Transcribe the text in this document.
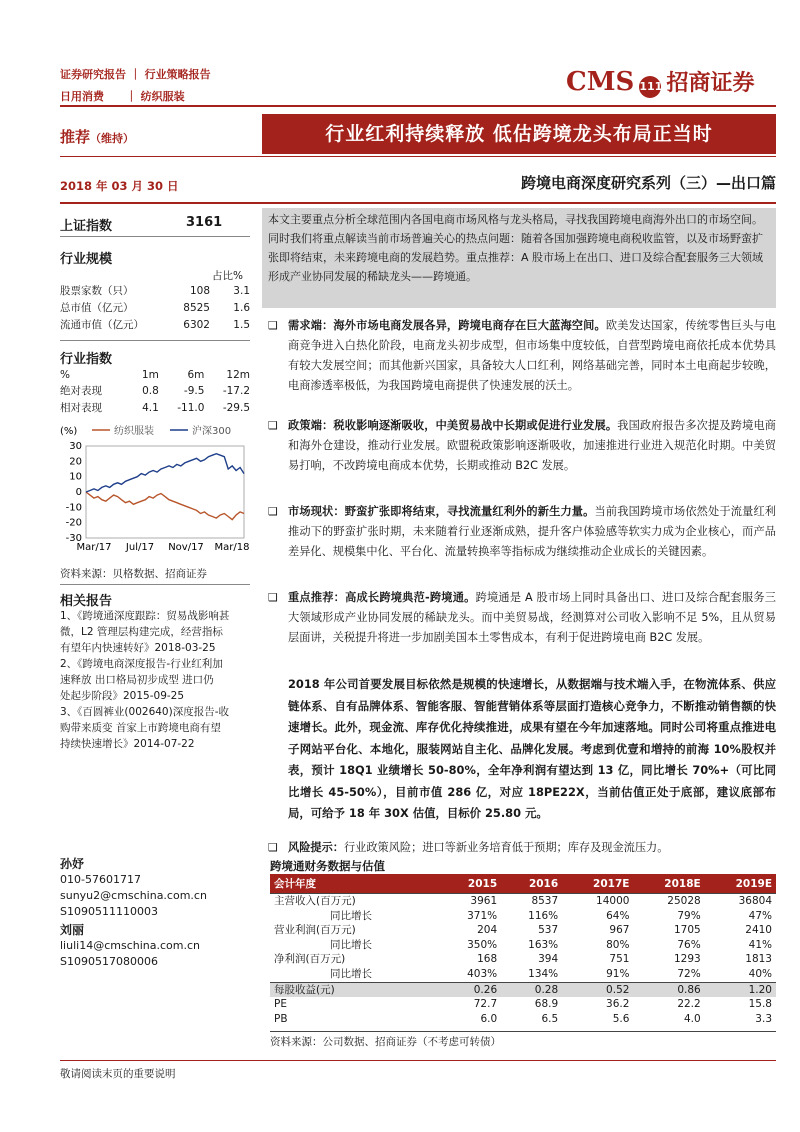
证券研究报告 ｜ 行业策略报告
日用消费 ｜ 纺织服装	CMS 111 招商证券
推荐（维持）	行业红利持续释放 低估跨境龙头布局正当时
2018 年 03 月 30 日	跨境电商深度研究系列（三）—出口篇
上证指数	3161
行业规模
占比%
股票家数（只）	108	3.1
总市值（亿元）	8525	1.6
流通市值（亿元）	6302	1.5
行业指数
%	1m	6m	12m
绝对表现	0.8	-9.5	-17.2
相对表现	4.1	-11.0	-29.5
(%)	纺织服装	沪深300
30
20
10
0
-10
-20
-30
Mar/17 Jul/17 Nov/17 Mar/18
资料来源：贝格数据、招商证券
相关报告
1、《跨境通深度跟踪：贸易战影响甚
微，L2 管理层构建完成，经营指标
有望年内快速转好》2018-03-25
2、《跨境电商深度报告-行业红利加
速释放 出口格局初步成型 进口仍
处起步阶段》2015-09-25
3、《百圆裤业(002640)深度报告-收
购带来质变 首家上市跨境电商有望
持续快速增长》2014-07-22
孙妤
010-57601717
sunyu2@cmschina.com.cn
S1090511110003
刘丽
liuli14@cmschina.com.cn
S1090517080006
本文主要重点分析全球范围内各国电商市场风格与龙头格局，寻找我国跨境电商海外出口的市场空间。同时我们将重点解读当前市场普遍关心的热点问题：随着各国加强跨境电商税收监管，以及市场野蛮扩张即将结束，未来跨境电商的发展趋势。重点推荐：A 股市场上在出口、进口及综合配套服务三大领域形成产业协同发展的稀缺龙头——跨境通。
❑ 需求端：海外市场电商发展各异，跨境电商存在巨大蓝海空间。欧美发达国家，传统零售巨头与电商竞争进入白热化阶段，电商龙头初步成型，但市场集中度较低，自营型跨境电商依托成本优势具有较大发展空间；而其他新兴国家，具备较大人口红利，网络基础完善，同时本土电商起步较晚，电商渗透率极低，为我国跨境电商提供了快速发展的沃土。
❑ 政策端：税收影响逐渐吸收，中美贸易战中长期或促进行业发展。我国政府报告多次提及跨境电商和海外仓建设，推动行业发展。欧盟税政策影响逐渐吸收，加速推进行业进入规范化时期。中美贸易打响，不改跨境电商成本优势，长期或推动 B2C 发展。
❑ 市场现状：野蛮扩张即将结束，寻找流量红利外的新生力量。当前我国跨境市场依然处于流量红利推动下的野蛮扩张时期，未来随着行业逐渐成熟，提升客户体验感等软实力成为企业核心，而产品差异化、规模集中化、平台化、流量转换率等指标成为继续推动企业成长的关键因素。
❑ 重点推荐：高成长跨境典范-跨境通。跨境通是 A 股市场上同时具备出口、进口及综合配套服务三大领域形成产业协同发展的稀缺龙头。而中美贸易战，经测算对公司收入影响不足 5%，且从贸易层面讲，关税提升将进一步加剧美国本土零售成本，有利于促进跨境电商 B2C 发展。
2018 年公司首要发展目标依然是规模的快速增长，从数据端与技术端入手，在物流体系、供应链体系、自有品牌体系、智能客服、智能营销体系等层面打造核心竞争力，不断推动销售额的快速增长。此外，现金流、库存优化持续推进，成果有望在今年加速落地。同时公司将重点推进电子网站平台化、本地化，服装网站自主化、品牌化发展。考虑到优壹和増持的前海 10%股权并表，预计 18Q1 业绩增长 50-80%，全年净利润有望达到 13 亿，同比增长 70%+（可比同比增长 45-50%），目前市值 286 亿，对应 18PE22X，当前估值正处于底部，建议底部布局，可给予 18 年 30X 估值，目标价 25.80 元。
❑ 风险提示：行业政策风险；进口等新业务培育低于预期；库存及现金流压力。
跨境通财务数据与估值
会计年度	2015	2016	2017E	2018E	2019E
主营收入(百万元)	3961	8537	14000	25028	36804
同比增长	371%	116%	64%	79%	47%
营业利润(百万元)	204	537	967	1705	2410
同比增长	350%	163%	80%	76%	41%
净利润(百万元)	168	394	751	1293	1813
同比增长	403%	134%	91%	72%	40%
每股收益(元)	0.26	0.28	0.52	0.86	1.20
PE	72.7	68.9	36.2	22.2	15.8
PB	6.0	6.5	5.6	4.0	3.3
资料来源：公司数据、招商证券（不考虑可转债）
敬请阅读末页的重要说明
